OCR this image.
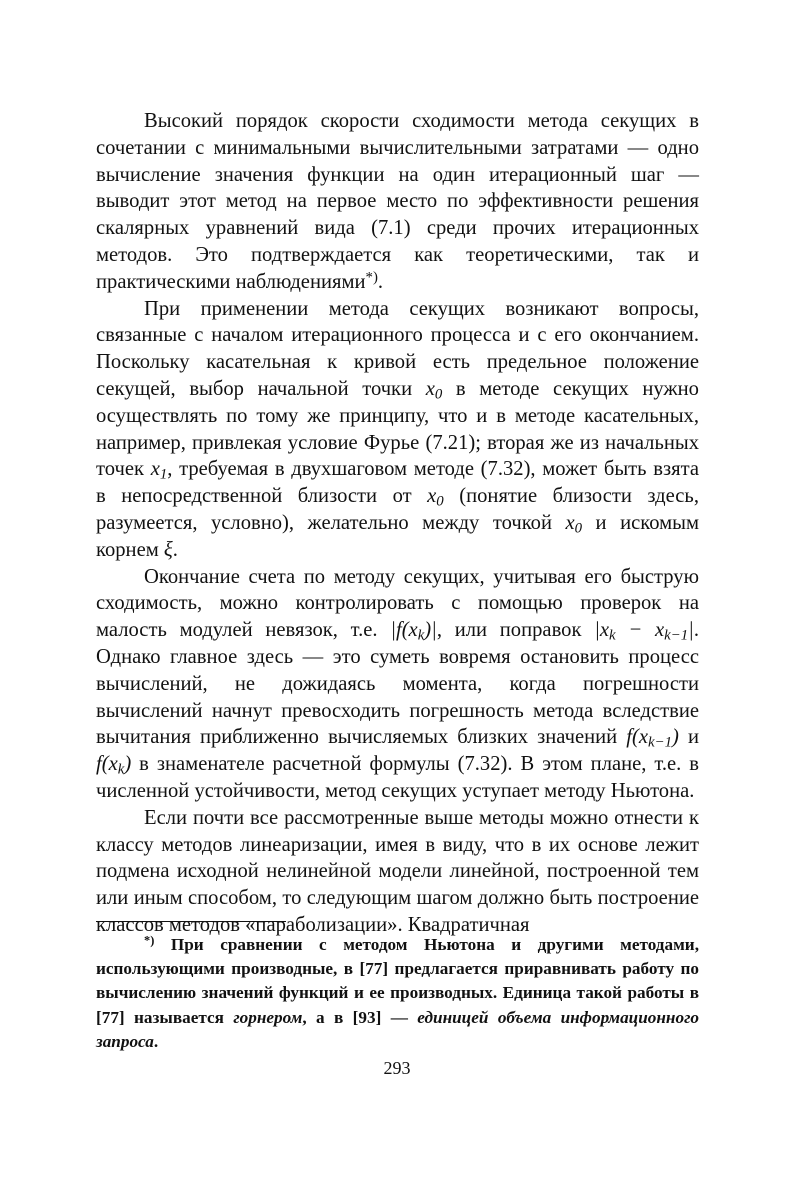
Высокий порядок скорости сходимости метода секущих в сочетании с минимальными вычислительными затратами — одно вычисление значения функции на один итерационный шаг — выводит этот метод на первое место по эффективности решения скалярных уравнений вида (7.1) среди прочих итерационных методов. Это подтверждается как теоретическими, так и практическими наблюдениями*).

При применении метода секущих возникают вопросы, связанные с началом итерационного процесса и с его окончанием. Поскольку касательная к кривой есть предельное положение секущей, выбор начальной точки $x_0$ в методе секущих нужно осуществлять по тому же принципу, что и в методе касательных, например, привлекая условие Фурье (7.21); вторая же из начальных точек $x_1$, требуемая в двухшаговом методе (7.32), может быть взята в непосредственной близости от $x_0$ (понятие близости здесь, разумеется, условно), желательно между точкой $x_0$ и искомым корнем ξ.

Окончание счета по методу секущих, учитывая его быструю сходимость, можно контролировать с помощью проверок на малость модулей невязок, т.е. $|f(x_k)|$, или поправок $|x_k - x_{k-1}|$. Однако главное здесь — это суметь вовремя остановить процесс вычислений, не дожидаясь момента, когда погрешности вычислений начнут превосходить погрешность метода вследствие вычитания приближенно вычисляемых близких значений $f(x_{k-1})$ и $f(x_k)$ в знаменателе расчетной формулы (7.32). В этом плане, т.е. в численной устойчивости, метод секущих уступает методу Ньютона.

Если почти все рассмотренные выше методы можно отнести к классу методов линеаризации, имея в виду, что в их основе лежит подмена исходной нелинейной модели линейной, построенной тем или иным способом, то следующим шагом должно быть построение классов методов «параболизации». Квадратичная

*) При сравнении с методом Ньютона и другими методами, использующими производные, в [77] предлагается приравнивать работу по вычислению значений функций и ее производных. Единица такой работы в [77] называется горнером, а в [93] — единицей объема информационного запроса.

293
